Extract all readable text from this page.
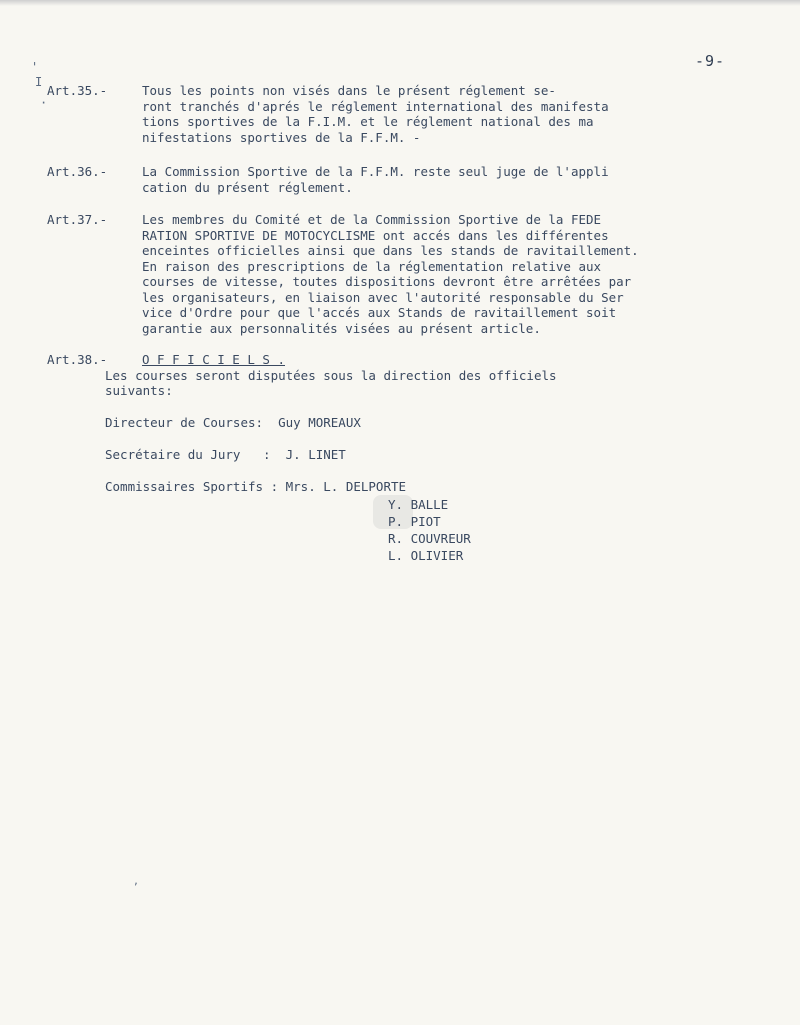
-9-
'
I
·
Art.35.-	Tous les points non visés dans le présent réglement se-
ront tranchés d'aprés le réglement international des manifesta
tions sportives de la F.I.M. et le réglement national des ma
nifestations sportives de la F.F.M. -
Art.36.-	La Commission Sportive de la F.F.M. reste seul juge de l'appli
cation du présent réglement.
Art.37.-	Les membres du Comité et de la Commission Sportive de la FEDE
RATION SPORTIVE DE MOTOCYCLISME ont accés dans les différentes
enceintes officielles ainsi que dans les stands de ravitaillement.
En raison des prescriptions de la réglementation relative aux
courses de vitesse, toutes dispositions devront être arrêtées par
les organisateurs, en liaison avec l'autorité responsable du Ser
vice d'Ordre pour que l'accés aux Stands de ravitaillement soit
garantie aux personnalités visées au présent article.
Art.38.-	O F F I C I E L S .
Les courses seront disputées sous la direction des officiels
suivants:
Directeur de Courses:  Guy MOREAUX
Secrétaire du Jury   :  J. LINET
Commissaires Sportifs : Mrs. L. DELPORTE
Y. BALLE
P. PIOT
R. COUVREUR
L. OLIVIER
,
